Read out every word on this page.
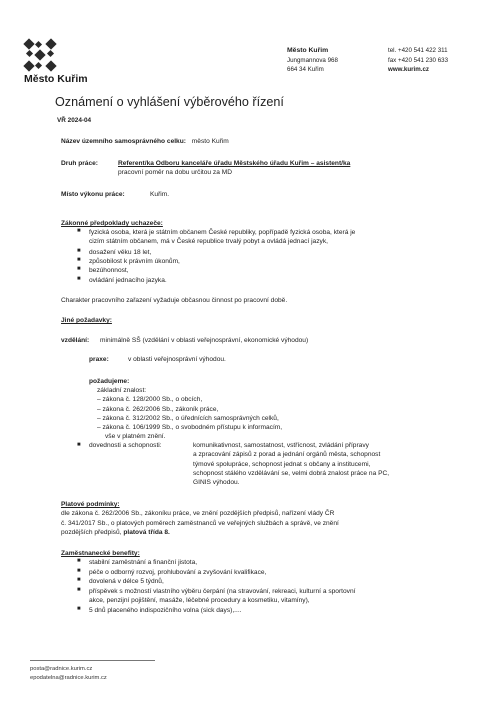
Město Kuřim
Město Kuřim
Jungmannova 968
664 34 Kuřim
tel. +420 541 422 311
fax +420 541 230 633
www.kurim.cz
Oznámení o vyhlášení výběrového řízení
VŘ 2024-04
Název územního samosprávného celku: město Kuřim
Druh práce:	Referent/ka Odboru kanceláře úřadu Městského úřadu Kuřim – asistent/ka
pracovní poměr na dobu určitou za MD
Místo výkonu práce:	Kuřim.
Zákonné předpoklady uchazeče:
■ fyzická osoba, která je státním občanem České republiky, popřípadě fyzická osoba, která je
cizím státním občanem, má v České republice trvalý pobyt a ovládá jednací jazyk,
■ dosažení věku 18 let,
■ způsobilost k právním úkonům,
■ bezúhonnost,
■ ovládání jednacího jazyka.
Charakter pracovního zařazení vyžaduje občasnou činnost po pracovní době.
Jiné požadavky:
vzdělání: minimálně SŠ (vzdělání v oblasti veřejnosprávní, ekonomické výhodou)
praxe:	v oblasti veřejnosprávní výhodou.
požadujeme:
základní znalost:
– zákona č. 128/2000 Sb., o obcích,
– zákona č. 262/2006 Sb., zákoník práce,
– zákona č. 312/2002 Sb., o úřednících samosprávných celků,
– zákona č. 106/1999 Sb., o svobodném přístupu k informacím,
vše v platném znění.
■ dovednosti a schopnosti:	komunikativnost, samostatnost, vstřícnost, zvládání přípravy
a zpracování zápisů z porad a jednání orgánů města, schopnost
týmové spolupráce, schopnost jednat s občany a institucemi,
schopnost stálého vzdělávání se, velmi dobrá znalost práce na PC,
GINIS výhodou.
Platové podmínky:
dle zákona č. 262/2006 Sb., zákoníku práce, ve znění pozdějších předpisů, nařízení vlády ČR
č. 341/2017 Sb., o platových poměrech zaměstnanců ve veřejných službách a správě, ve znění
pozdějších předpisů, platová třída 8.
Zaměstnanecké benefity:
■ stabilní zaměstnání a finanční jistota,
■ péče o odborný rozvoj, prohlubování a zvyšování kvalifikace,
■ dovolená v délce 5 týdnů,
■ příspěvek s možností vlastního výběru čerpání (na stravování, rekreaci, kulturní a sportovní
akce, penzijní pojištění, masáže, léčebné procedury a kosmetiku, vitamíny),
■ 5 dnů placeného indispozičního volna (sick days),....
posta@radnice.kurim.cz
epodatelna@radnice.kurim.cz
